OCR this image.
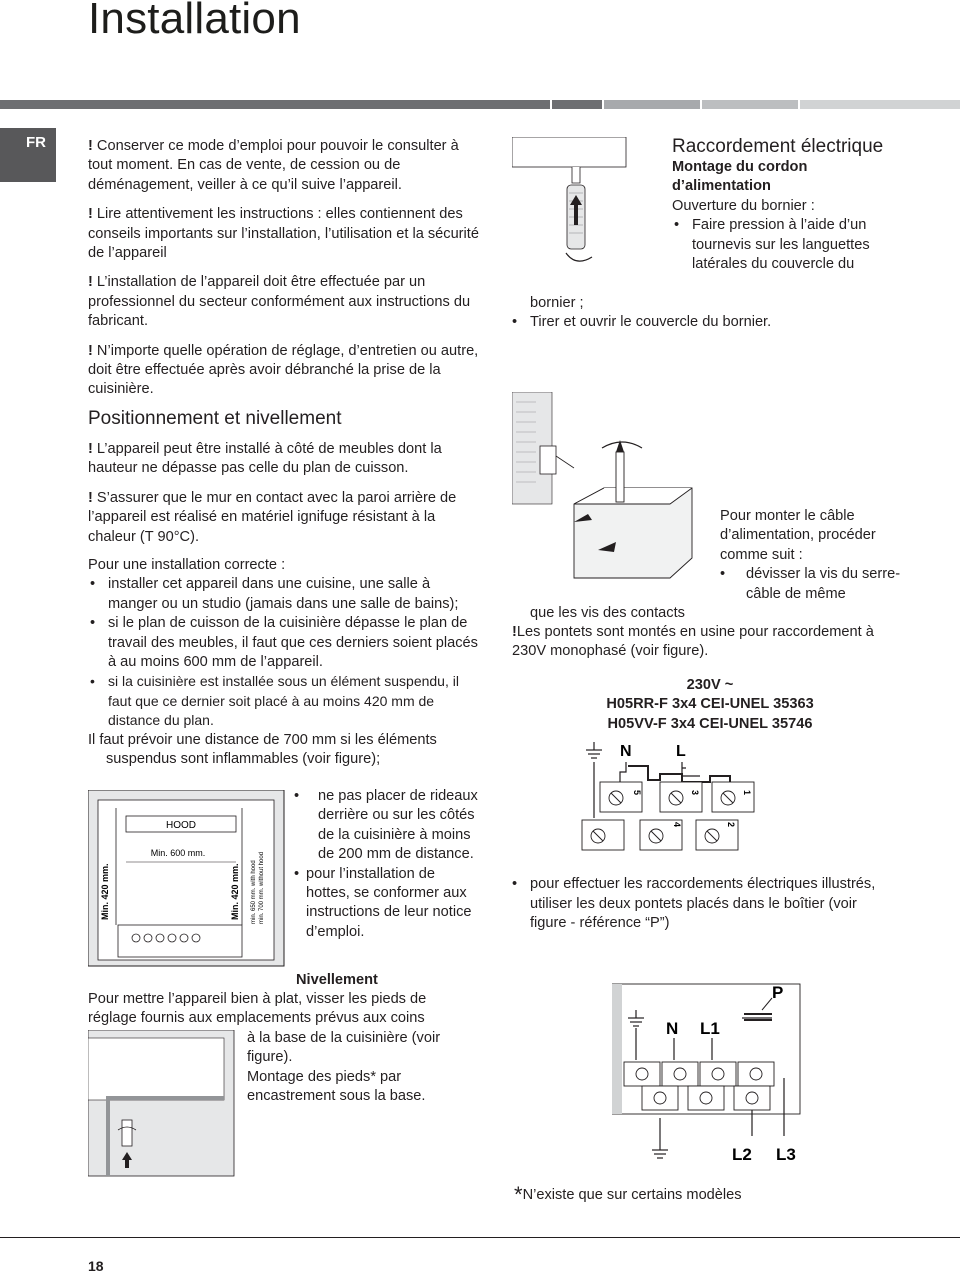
Installation
FR	! Conserver ce mode d’emploi pour pouvoir le consulter à tout moment. En cas de vente, de cession ou de déménagement, veiller à ce qu’il suive l’appareil.

! Lire attentivement les instructions : elles contiennent des conseils importants sur l’installation, l’utilisation et la sécurité de l’appareil

! L’installation de l’appareil doit être effectuée par un professionnel du secteur conformément aux instructions du fabricant.

! N’importe quelle opération de réglage, d’entretien ou autre, doit être effectuée après avoir débranché la prise de la cuisinière.

Positionnement et nivellement

! L’appareil peut être installé à côté de meubles dont la hauteur ne dépasse pas celle du plan de cuisson.

! S’assurer que le mur en contact avec la paroi arrière de l’appareil est réalisé en matériel ignifuge résistant à la chaleur (T 90°C).

Pour une installation correcte :

• installer cet appareil dans une cuisine, une salle à manger ou un studio (jamais dans une salle de bains);
• si le plan de cuisson de la cuisinière dépasse le plan de travail des meubles, il faut que ces derniers soient placés à au moins 600 mm de l’appareil.
• si la cuisinière est installée sous un élément suspendu, il faut que ce dernier soit placé à au moins 420 mm de distance du plan.

Il faut prévoir une distance de 700 mm si les éléments

suspendus sont inflammables (voir figure);

HOOD
Min. 600 mm.
Min. 420 mm.	Min. 420 mm. min. 650 mm. with hood min. 700 mm. without hood
• ne pas placer de rideaux derrière ou sur les côtés de la cuisinière à moins de 200 mm de distance.
• pour l’installation de hottes, se conformer aux instructions de leur notice d’emploi.
Nivellement

Pour mettre l’appareil bien à plat, visser les pieds de

réglage fournis aux emplacements prévus aux coins

à la base de la cuisinière (voir figure).

Montage des pieds* par encastrement sous la base.

Raccordement électrique
Montage du cordon d’alimentation

Ouverture du bornier :

• Faire pression à l’aide d’un tournevis sur les languettes latérales du couvercle du
bornier ;
• Tirer et ouvrir le couvercle du bornier.

Pour monter le câble d’alimentation, procéder comme suit :

• dévisser la vis du serre-câble de même
que les vis des contacts
!Les pontets sont montés en usine pour raccordement à 230V monophasé (voir figure).
230V ~
H05RR-F 3x4 CEI-UNEL 35363
H05VV-F 3x4 CEI-UNEL 35746
N	L
5	3	1
4	2
• pour effectuer les raccordements électriques illustrés, utiliser les deux pontets placés dans le boîtier (voir figure - référence “P”)
P
N L1
L2 L3
*N’existe que sur certains modèles
18
